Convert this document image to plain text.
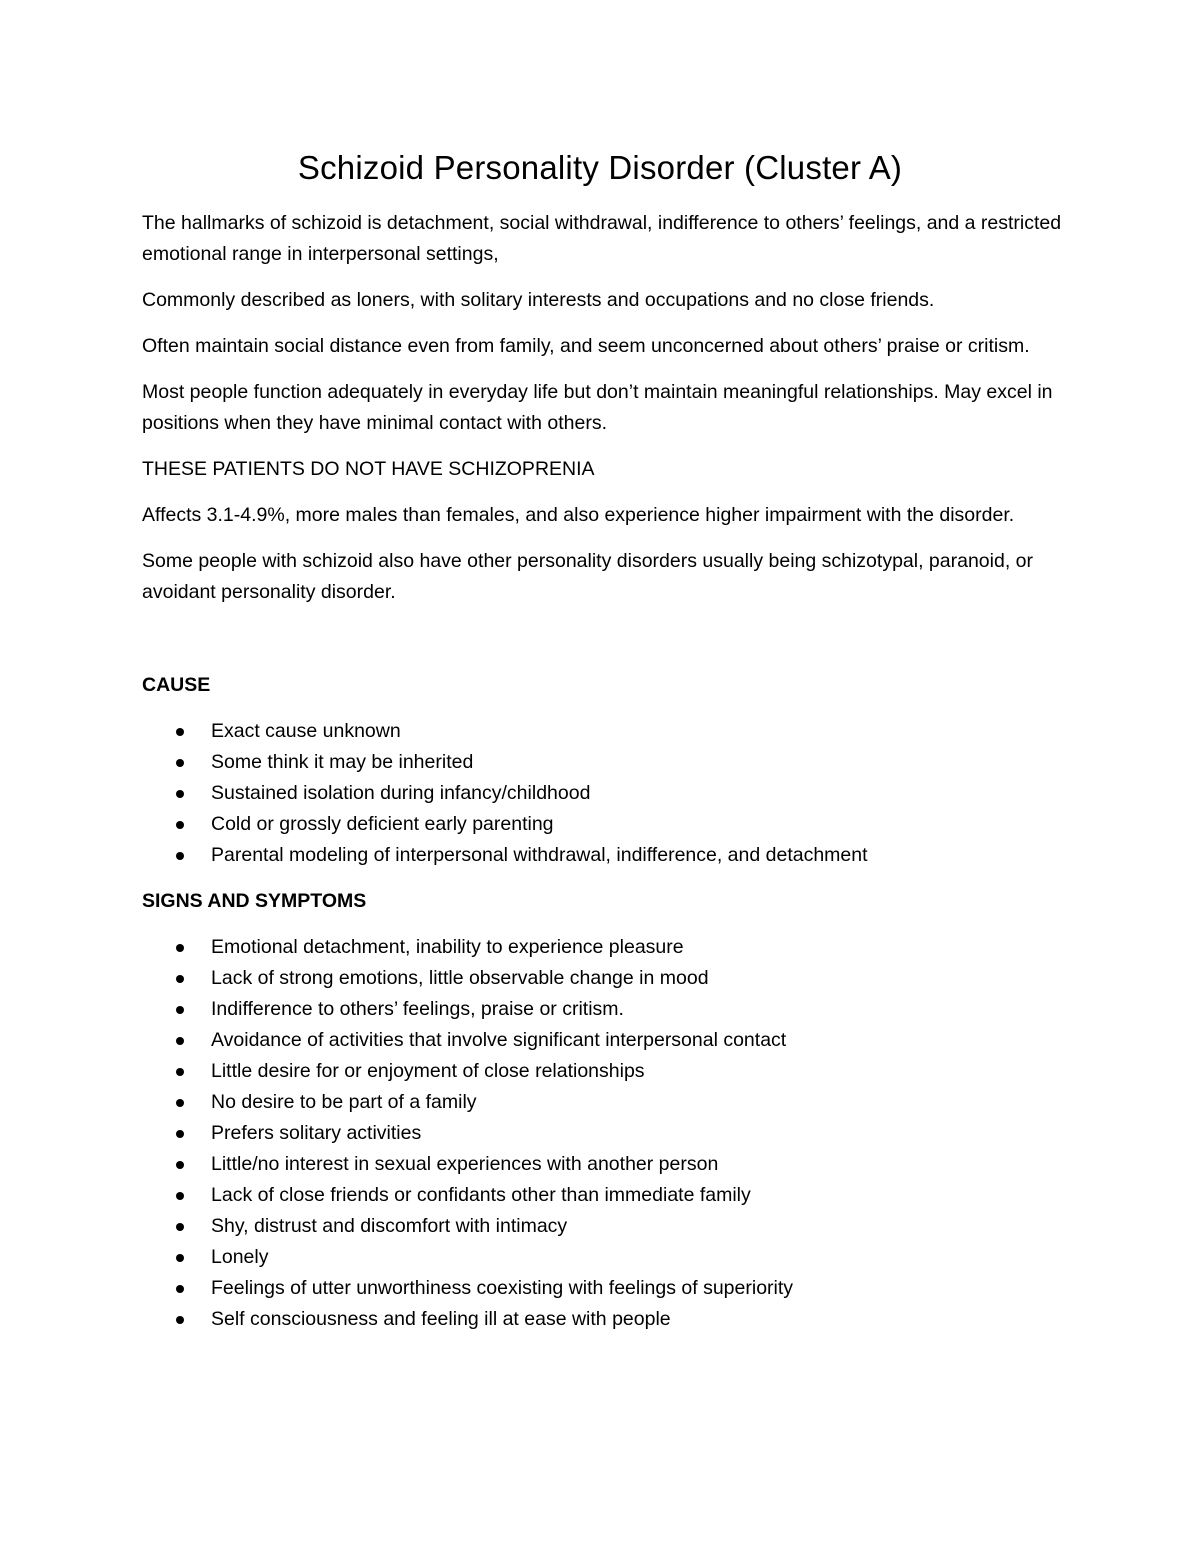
Schizoid Personality Disorder (Cluster A)

The hallmarks of schizoid is detachment, social withdrawal, indifference to others’ feelings, and a restricted emotional range in interpersonal settings,

Commonly described as loners, with solitary interests and occupations and no close friends.

Often maintain social distance even from family, and seem unconcerned about others’ praise or critism.

Most people function adequately in everyday life but don’t maintain meaningful relationships. May excel in positions when they have minimal contact with others.

THESE PATIENTS DO NOT HAVE SCHIZOPRENIA

Affects 3.1-4.9%, more males than females, and also experience higher impairment with the disorder.

Some people with schizoid also have other personality disorders usually being schizotypal, paranoid, or avoidant personality disorder.

CAUSE

Exact cause unknown
Some think it may be inherited
Sustained isolation during infancy/childhood
Cold or grossly deficient early parenting
Parental modeling of interpersonal withdrawal, indifference, and detachment

SIGNS AND SYMPTOMS

Emotional detachment, inability to experience pleasure
Lack of strong emotions, little observable change in mood
Indifference to others’ feelings, praise or critism.
Avoidance of activities that involve significant interpersonal contact
Little desire for or enjoyment of close relationships
No desire to be part of a family
Prefers solitary activities
Little/no interest in sexual experiences with another person
Lack of close friends or confidants other than immediate family
Shy, distrust and discomfort with intimacy
Lonely
Feelings of utter unworthiness coexisting with feelings of superiority
Self consciousness and feeling ill at ease with people
